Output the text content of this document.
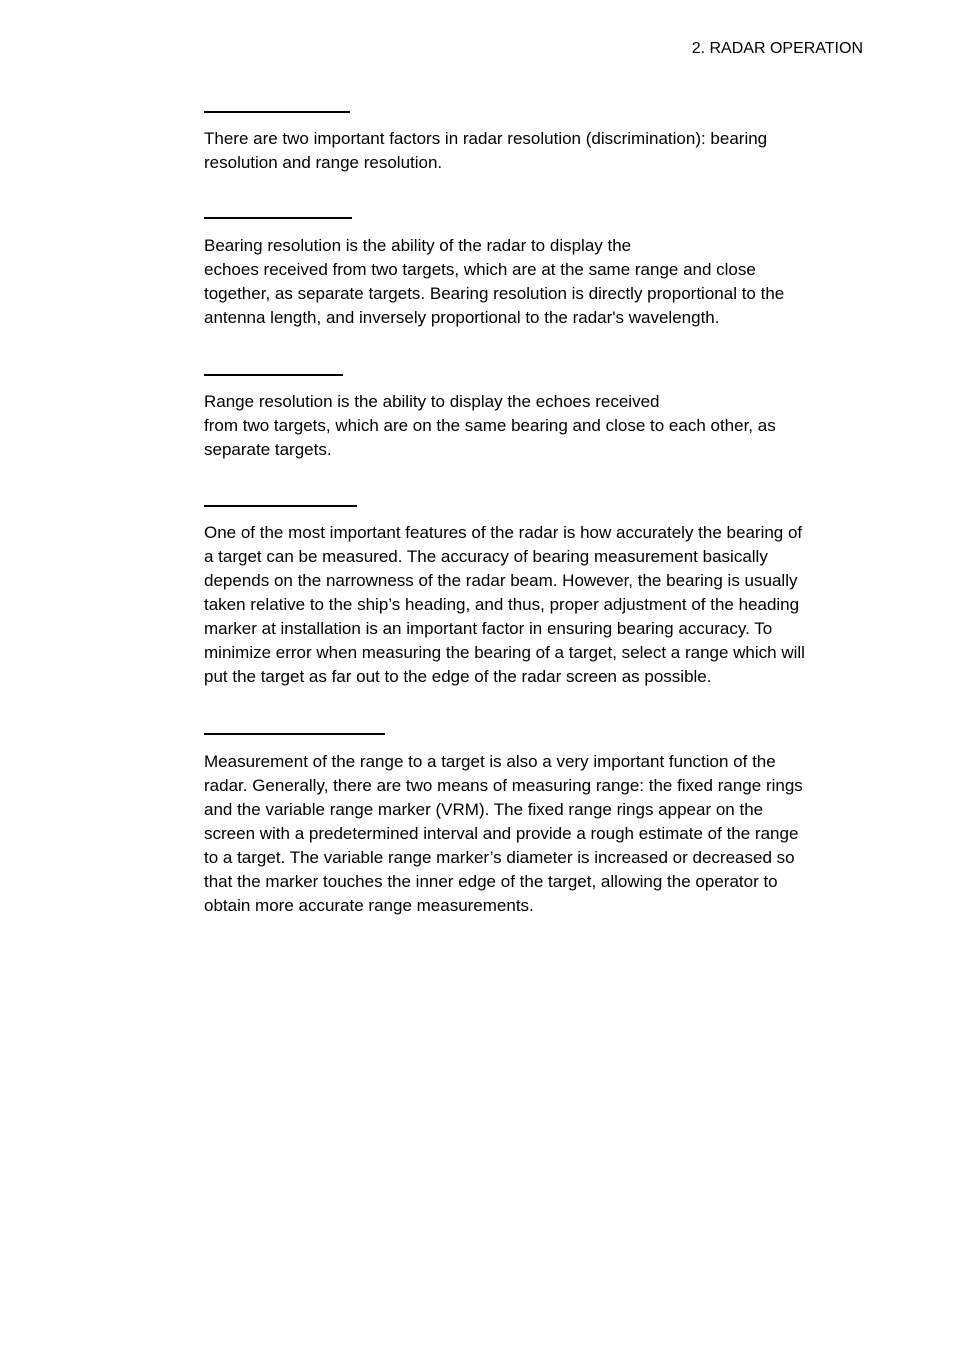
2. RADAR OPERATION

There are two important factors in radar resolution (discrimination): bearing
resolution and range resolution.

Bearing resolution is the ability of the radar to display the
echoes received from two targets, which are at the same range and close
together, as separate targets. Bearing resolution is directly proportional to the
antenna length, and inversely proportional to the radar's wavelength.

Range resolution is the ability to display the echoes received
from two targets, which are on the same bearing and close to each other, as
separate targets.

One of the most important features of the radar is how accurately the bearing of
a target can be measured. The accuracy of bearing measurement basically
depends on the narrowness of the radar beam. However, the bearing is usually
taken relative to the ship’s heading, and thus, proper adjustment of the heading
marker at installation is an important factor in ensuring bearing accuracy. To
minimize error when measuring the bearing of a target, select a range which will
put the target as far out to the edge of the radar screen as possible.

Measurement of the range to a target is also a very important function of the
radar. Generally, there are two means of measuring range: the fixed range rings
and the variable range marker (VRM). The fixed range rings appear on the
screen with a predetermined interval and provide a rough estimate of the range
to a target. The variable range marker’s diameter is increased or decreased so
that the marker touches the inner edge of the target, allowing the operator to
obtain more accurate range measurements.
